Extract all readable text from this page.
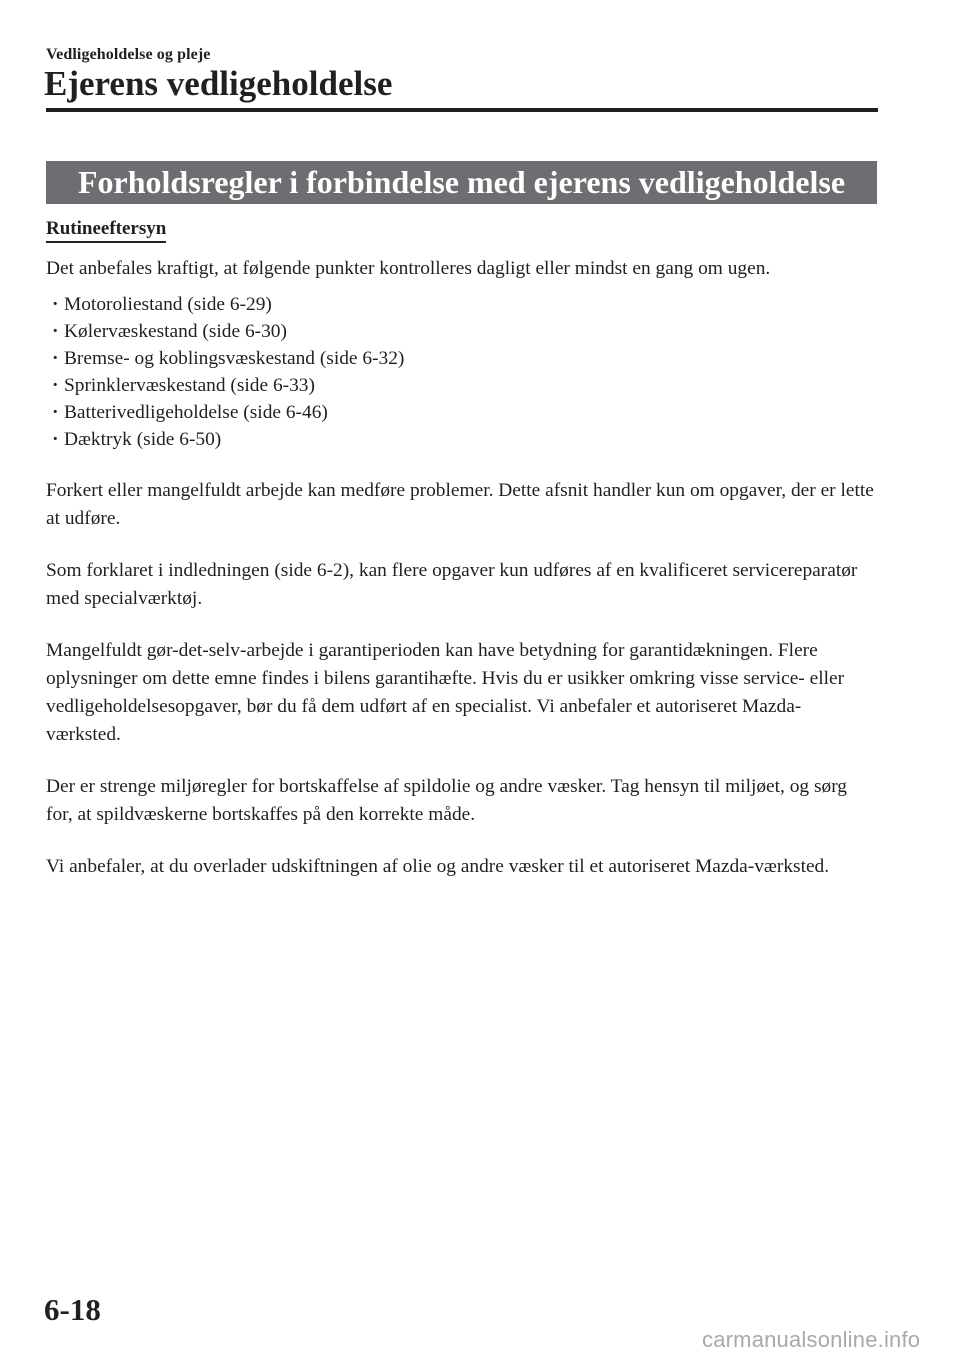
Vedligeholdelse og pleje
Ejerens vedligeholdelse
Forholdsregler i forbindelse med ejerens vedligeholdelse
Rutineeftersyn

Det anbefales kraftigt, at følgende punkter kontrolleres dagligt eller mindst en gang om ugen.

· Motoroliestand (side 6-29)
· Kølervæskestand (side 6-30)
· Bremse- og koblingsvæskestand (side 6-32)
· Sprinklervæskestand (side 6-33)
· Batterivedligeholdelse (side 6-46)
· Dæktryk (side 6-50)

Forkert eller mangelfuldt arbejde kan medføre problemer. Dette afsnit handler kun om opgaver, der er lette at udføre.

Som forklaret i indledningen (side 6-2), kan flere opgaver kun udføres af en kvalificeret servicereparatør med specialværktøj.

Mangelfuldt gør-det-selv-arbejde i garantiperioden kan have betydning for garantidækningen. Flere oplysninger om dette emne findes i bilens garantihæfte. Hvis du er usikker omkring visse service- eller vedligeholdelsesopgaver, bør du få dem udført af en specialist. Vi anbefaler et autoriseret Mazda-værksted.

Der er strenge miljøregler for bortskaffelse af spildolie og andre væsker. Tag hensyn til miljøet, og sørg for, at spildvæskerne bortskaffes på den korrekte måde.

Vi anbefaler, at du overlader udskiftningen af olie og andre væsker til et autoriseret Mazda-værksted.

6-18
carmanualsonline.info
